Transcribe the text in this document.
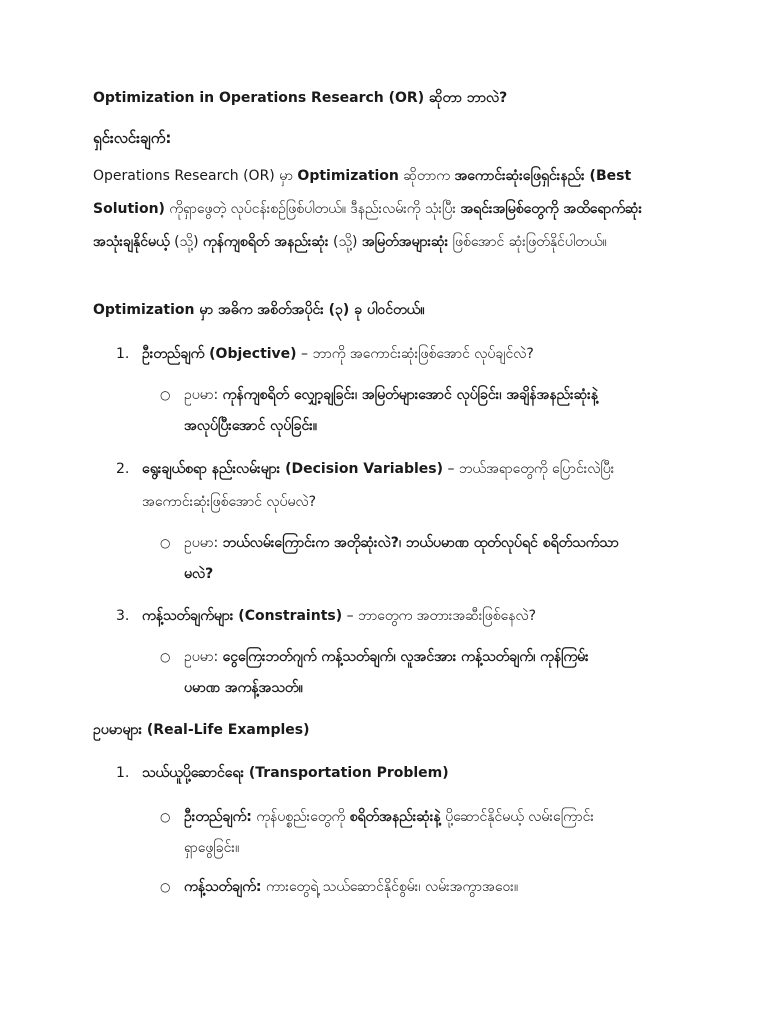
Optimization in Operations Research (OR) ဆိုတာ ဘာလဲ?
ရှင်းလင်းချက်:
Operations Research (OR) မှာ Optimization ဆိုတာက အကောင်းဆုံးဖြေရှင်းနည်း (Best Solution) ကိုရှာဖွေတဲ့ လုပ်ငန်းစဉ်ဖြစ်ပါတယ်။ ဒီနည်းလမ်းကို သုံးပြီး အရင်းအမြစ်တွေကို အထိရောက်ဆုံး အသုံးချနိုင်မယ့် (သို့) ကုန်ကျစရိတ် အနည်းဆုံး (သို့) အမြတ်အများဆုံး ဖြစ်အောင် ဆုံးဖြတ်နိုင်ပါတယ်။
Optimization မှာ အဓိက အစိတ်အပိုင်း (၃) ခု ပါဝင်တယ်။
1. ဦးတည်ချက် (Objective) – ဘာကို အကောင်းဆုံးဖြစ်အောင် လုပ်ချင်လဲ?
○ ဥပမာ: ကုန်ကျစရိတ် လျှော့ချခြင်း၊ အမြတ်များအောင် လုပ်ခြင်း၊ အချိန်အနည်းဆုံးနဲ့ အလုပ်ပြီးအောင် လုပ်ခြင်း။
2. ရွေးချယ်စရာ နည်းလမ်းများ (Decision Variables) – ဘယ်အရာတွေကို ပြောင်းလဲပြီး အကောင်းဆုံးဖြစ်အောင် လုပ်မလဲ?
○ ဥပမာ: ဘယ်လမ်းကြောင်းက အတိုဆုံးလဲ?၊ ဘယ်ပမာဏ ထုတ်လုပ်ရင် စရိတ်သက်သာမလဲ?
3. ကန့်သတ်ချက်များ (Constraints) – ဘာတွေက အတားအဆီးဖြစ်နေလဲ?
○ ဥပမာ: ငွေကြေးဘတ်ဂျက် ကန့်သတ်ချက်၊ လူအင်အား ကန့်သတ်ချက်၊ ကုန်ကြမ်းပမာဏ အကန့်အသတ်။
ဥပမာများ (Real-Life Examples)
1. သယ်ယူပို့ဆောင်ရေး (Transportation Problem)
○ ဦးတည်ချက်: ကုန်ပစ္စည်းတွေကို စရိတ်အနည်းဆုံးနဲ့ ပို့ဆောင်နိုင်မယ့် လမ်းကြောင်းရှာဖွေခြင်း။
○ ကန့်သတ်ချက်: ကားတွေရဲ့ သယ်ဆောင်နိုင်စွမ်း၊ လမ်းအကွာအဝေး။
